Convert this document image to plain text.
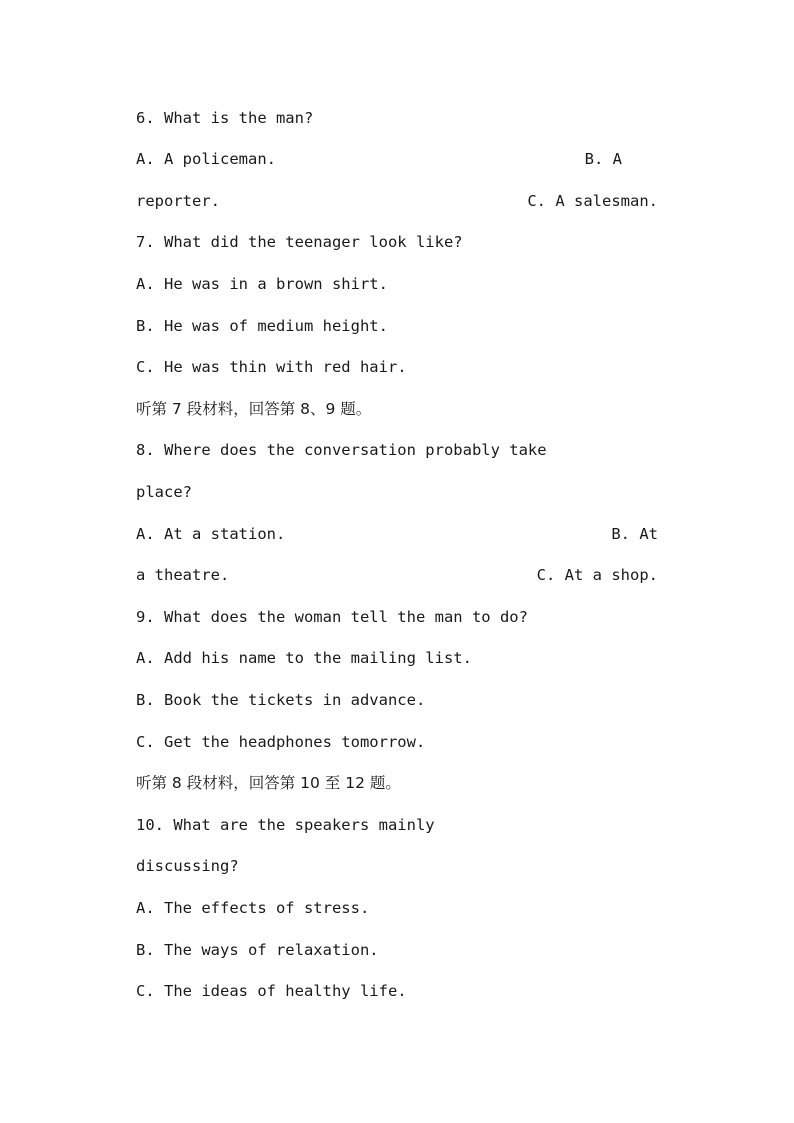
6. What is the man?
A. A policeman.	B. A
reporter.	C. A salesman.
7. What did the teenager look like?
A. He was in a brown shirt.
B. He was of medium height.
C. He was thin with red hair.
听第 7 段材料，回答第 8、9 题。
8. Where does the conversation probably take
place?
A. At a station.	B. At
a theatre.	C. At a shop.
9. What does the woman tell the man to do?
A. Add his name to the mailing list.
B. Book the tickets in advance.
C. Get the headphones tomorrow.
听第 8 段材料，回答第 10 至 12 题。
10. What are the speakers mainly
discussing?
A. The effects of stress.
B. The ways of relaxation.
C. The ideas of healthy life.
